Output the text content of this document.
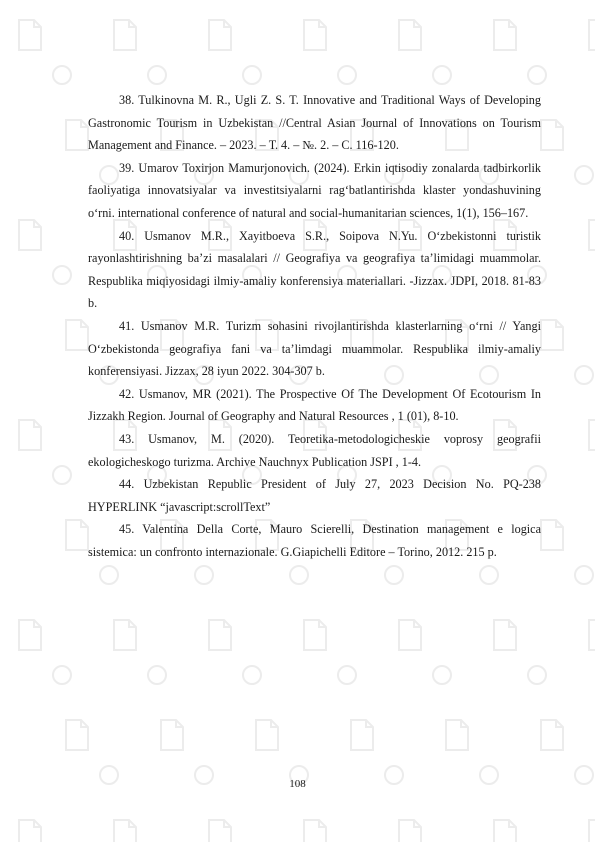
38. Tulkinovna M. R., Ugli Z. S. T. Innovative and Traditional Ways of Developing Gastronomic Tourism in Uzbekistan //Central Asian Journal of Innovations on Tourism Management and Finance. – 2023. – Т. 4. – №. 2. – С. 116-120.

39. Umarov Toxirjon Mamurjonovich. (2024). Erkin iqtisodiy zonalarda tadbirkorlik faoliyatiga innovatsiyalar va investitsiyalarni rag‘batlantirishda klaster yondashuvining o‘rni. international conference of natural and social-humanitarian sciences, 1(1), 156–167.

40. Usmanov M.R., Xayitboeva S.R., Soipova N.Yu. O‘zbekistonni turistik rayonlashtirishning ba’zi masalalari // Geografiya va geografiya ta’limidagi muammolar. Respublika miqiyosidagi ilmiy-amaliy konferensiya materiallari. -Jizzax. JDPI, 2018. 81-83 b.

41. Usmanov M.R. Turizm sohasini rivojlantirishda klasterlarning o‘rni // Yangi O‘zbekistonda geografiya fani va ta’limdagi muammolar. Respublika ilmiy-amaliy konferensiyasi. Jizzax, 28 iyun 2022. 304-307 b.

42. Usmanov, MR (2021). The Prospective Of The Development Of Ecotourism In Jizzakh Region. Journal of Geography and Natural Resources , 1 (01), 8-10.

43. Usmanov, M. (2020). Teoretika-metodologicheskie voprosy geografii ekologicheskogo turizma. Archive Nauchnyx Publication JSPI , 1-4.

44. Uzbekistan Republic President of July 27, 2023 Decision No. PQ-238 HYPERLINK “javascript:scrollText”

45. Valentina Della Corte, Mauro Scierelli, Destination management e logica sistemica: un confronto internazionale. G.Giapichelli Editore – Torino, 2012. 215 p.

108
